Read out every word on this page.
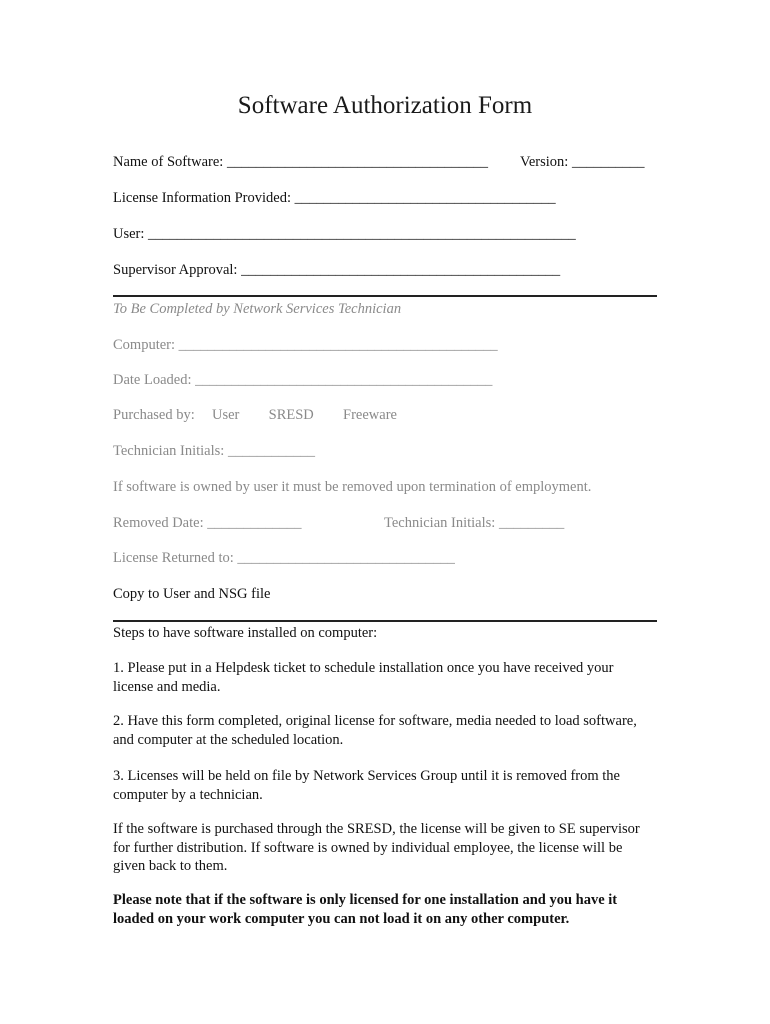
Software Authorization Form
Name of Software: ____________________________________ Version: __________
License Information Provided: ____________________________________
User: ___________________________________________________________
Supervisor Approval: ____________________________________________
To Be Completed by Network Services Technician
Computer: ____________________________________________
Date Loaded: _________________________________________
Purchased by: User SRESD Freeware
Technician Initials: ____________
If software is owned by user it must be removed upon termination of employment.
Removed Date: _____________	Technician Initials: _________
License Returned to: ______________________________
Copy to User and NSG file
Steps to have software installed on computer:
1. Please put in a Helpdesk ticket to schedule installation once you have received your license and media.
2. Have this form completed, original license for software, media needed to load software, and computer at the scheduled location.
3. Licenses will be held on file by Network Services Group until it is removed from the computer by a technician.
If the software is purchased through the SRESD, the license will be given to SE supervisor for further distribution. If software is owned by individual employee, the license will be given back to them.
Please note that if the software is only licensed for one installation and you have it loaded on your work computer you can not load it on any other computer.
